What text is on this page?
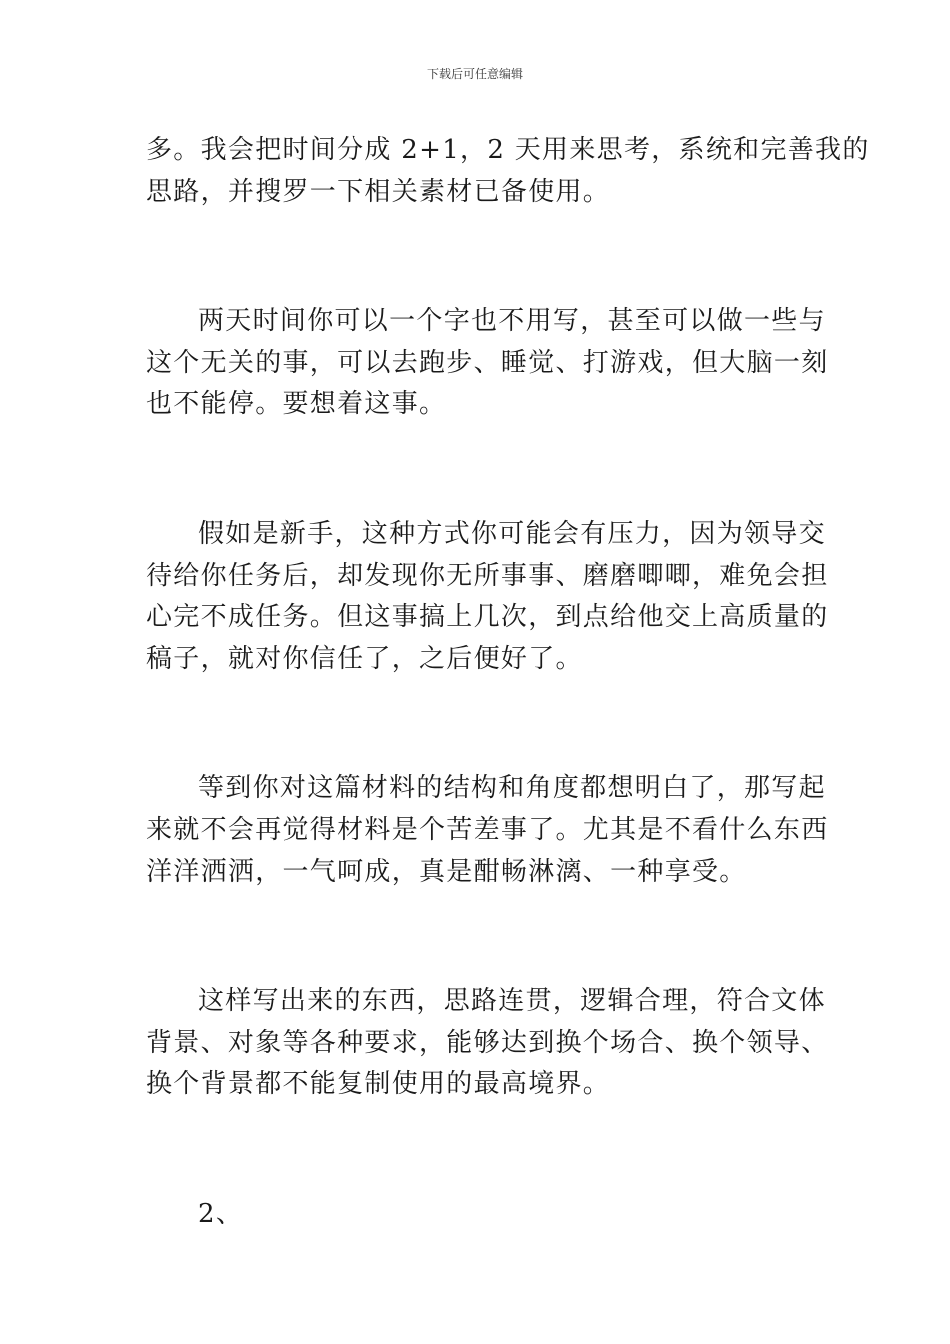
下载后可任意编辑
多。我会把时间分成 2+1，2 天用来思考，系统和完善我的
思路，并搜罗一下相关素材已备使用。
两天时间你可以一个字也不用写，甚至可以做一些与
这个无关的事，可以去跑步、睡觉、打游戏，但大脑一刻
也不能停。要想着这事。
假如是新手，这种方式你可能会有压力，因为领导交
待给你任务后，却发现你无所事事、磨磨唧唧，难免会担
心完不成任务。但这事搞上几次，到点给他交上高质量的
稿子，就对你信任了，之后便好了。
等到你对这篇材料的结构和角度都想明白了，那写起
来就不会再觉得材料是个苦差事了。尤其是不看什么东西
洋洋洒洒，一气呵成，真是酣畅淋漓、一种享受。
这样写出来的东西，思路连贯，逻辑合理，符合文体
背景、对象等各种要求，能够达到换个场合、换个领导、
换个背景都不能复制使用的最高境界。
2、
